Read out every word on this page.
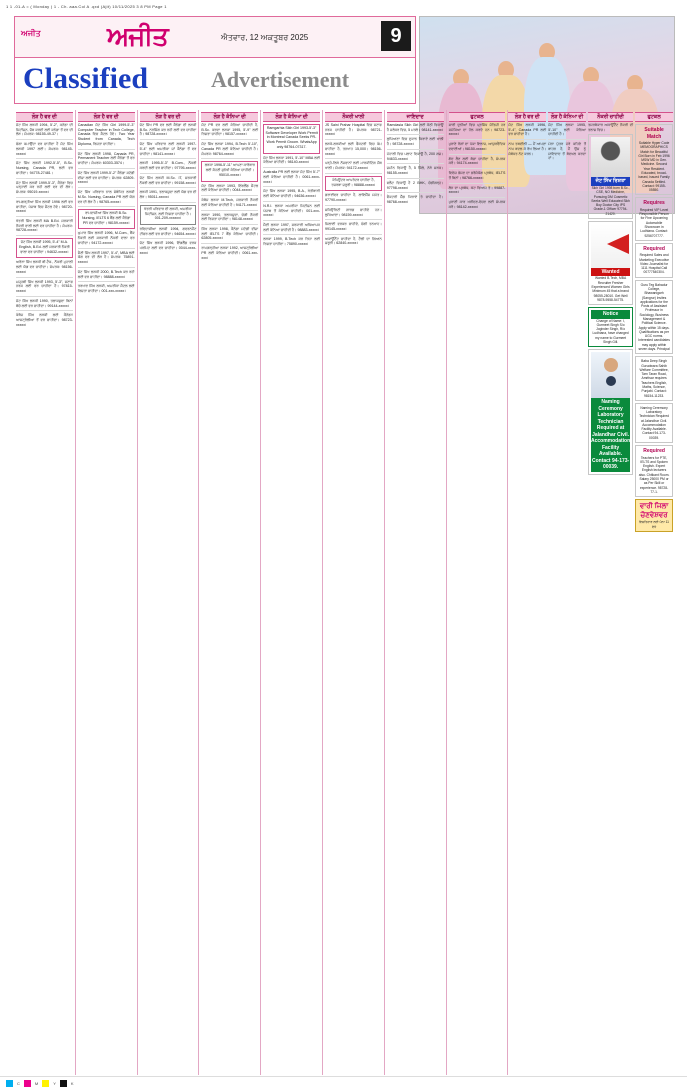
1 1 -01-A = ( Monday ) 1 - Ch. aaa.Col A .qxd (Ajit) 10/11/2025 3 8 PM Page 1
ਅਜੀਤ	ਅਜੀਤ	ਐਤਵਾਰ, 12 ਅਕਤੂਬਰ 2025	9
Classified	Advertisement
ਲੋੜ ਹੈ ਵਰ ਦੀ
ਜੱਟ ਸਿੱਖ ਲੜਕੀ 1994, 5'-2", ਕਨੇਡਾ ਦੀ ਸਿਟੀਜ਼ਨ, ਜੌਬ ਕਰਦੀ ਲਈ ਕਨੇਡਾ ਤੋਂ ਵਰ ਦੀ ਲੋੜ। ਸੰਪਰਕ: 98155-49-37।
ਚੰਗਾ ਕਮਾਉਂਦਾ ਵਰ ਚਾਹੀਦਾ ਹੈ ਜੱਟ ਸਿੱਖ ਲੜਕੀ 1997 ਲਈ। ਸੰਪਰਕ: 98145-xxxxx।
ਜੱਟ ਸਿੱਖ ਲੜਕੀ 1992-5'-5", B.Sc. Nursing, Canada PR, ਲਈ ਵਰ ਚਾਹੀਦਾ। 94778-27481।
ਜੱਟ ਸਿੱਖ ਲੜਕੀ 1999-5'-3", ਕੈਨੇਡਾ ਵਿਚ ਪੜ੍ਹਾਈ ਕਰ ਰਹੀ ਲਈ ਵਰ ਦੀ ਲੋੜ। ਸੰਪਰਕ: 95019-xxxxx।
ਰਾਮਗੜ੍ਹੀਆ ਸਿੱਖ ਲੜਕੀ 1996 ਲਈ ਵਰ ਚਾਹੀਦਾ, ਪੰਜਾਬ ਵਿਚ ਸੈਟਲ ਹੋਵੇ। 98720-xxxxx।
ਖੱਤਰੀ ਸਿੱਖ ਲੜਕੀ MA B.Ed. ਸਰਕਾਰੀ ਨੌਕਰੀ ਵਾਲੀ ਲਈ ਵਰ ਚਾਹੀਦਾ ਹੈ। ਸੰਪਰਕ: 98728-xxxxx।
ਜੱਟ ਸਿੱਖ ਲੜਕੀ 1995, 5'-4" M.A. English, B.Ed. ਲਈ ਸਰਕਾਰੀ ਨੌਕਰੀ ਵਾਲਾ ਵਰ ਚਾਹੀਦਾ। 94632-xxxxx।
ਅਰੋੜਾ ਸਿੱਖ ਲੜਕੀ ਬੀ.ਟੈਕ., ਨੌਕਰੀ ਮੁਹਾਲੀ ਲਈ ਯੋਗ ਵਰ ਚਾਹੀਦਾ। ਸੰਪਰਕ: 98156-xxxxx।
ਮਜ਼੍ਹਬੀ ਸਿੱਖ ਲੜਕੀ 1993, 5'-3", ਸਟਾਫ ਨਰਸ ਲਈ ਵਰ ਚਾਹੀਦਾ ਹੈ। 97815-xxxxx।
ਜੱਟ ਸਿੱਖ ਲੜਕੀ 1990, ਤਲਾਕਸ਼ੁਦਾ ਬਿਨਾਂ ਬੱਚੇ ਲਈ ਵਰ ਚਾਹੀਦਾ। 99144-xxxxx।
ਕੰਬੋਜ ਸਿੱਖ ਲੜਕੀ ਲਈ ਕੈਨੇਡਾ/ਆਸਟ੍ਰੇਲੀਆ ਤੋਂ ਵਰ ਚਾਹੀਦਾ। 98723-xxxxx।
ਲੋੜ ਹੈ ਵਰ ਦੀ
Canadian ਜੱਟ ਸਿੱਖ Girl 1999-5'-3" Computer Teacher in Tech College, Canada ਵਿਚ ਸੈਟਲ ਹੋਵੇ। Two Year Student from Canada, Tech Diploma, ਰਿਸ਼ਤਾ ਚਾਹੀਦਾ।
ਜੱਟ ਸਿੱਖ ਲੜਕੀ 1998, Canada PR, Permanent Teacher ਲਈ ਕੈਨੇਡਾ ਤੋਂ ਵਰ ਚਾਹੀਦਾ। ਸੰਪਰਕ: 60303-3574।
ਜੱਟ ਸਿੱਖ ਲੜਕੀ 1999-5'-2" ਕੈਨੇਡਾ ਸਟੱਡੀ ਵੀਜ਼ਾ ਲਈ ਵਰ ਚਾਹੀਦਾ। ਸੰਪਰਕ: 62809-xxxxx।
ਜੱਟ ਸਿੱਖ ਪਰਿਵਾਰ ਨਾਲ ਸੰਬੰਧਿਤ ਲੜਕੀ M.Sc. Nursing, Canada PR ਲਈ ਯੋਗ ਵਰ ਦੀ ਲੋੜ ਹੈ। 98765-xxxxx।
ਰਾਮਦਾਸੀਆ ਸਿੱਖ ਲੜਕੀ B.Sc. Nursing, IELTS 6 ਬੈਂਡ ਲਈ ਕੈਨੇਡਾ PR ਵਰ ਚਾਹੀਦਾ। 98159-xxxxx।
ਘੁਮਾਰ ਸਿੱਖ ਲੜਕੀ 1996, M.Com., ਬੈਂਕ ਨੌਕਰੀ ਲਈ ਸਰਕਾਰੀ ਨੌਕਰੀ ਵਾਲਾ ਵਰ ਚਾਹੀਦਾ। 94172-xxxxx।
ਸੈਣੀ ਸਿੱਖ ਲੜਕੀ 1997, 5'-4", MBA ਲਈ ਯੋਗ ਵਰ ਦੀ ਲੋੜ ਹੈ। ਸੰਪਰਕ: 75891-xxxxx।
ਜੱਟ ਸਿੱਖ ਲੜਕੀ 2000, B.Tech ਕਰ ਰਹੀ ਲਈ ਵਰ ਚਾਹੀਦਾ। 98888-xxxxx।
ਤਰਖਾਣ ਸਿੱਖ ਲੜਕੀ, ਅਮਰੀਕਾ ਸੈਟਲ ਲਈ ਰਿਸ਼ਤਾ ਚਾਹੀਦਾ। 001-xxx-xxxxx।
ਲੋੜ ਹੈ ਵਰ ਦੀ
ਜੱਟ ਸਿੱਖ PR ਵਰ ਲਈ ਕੈਨੇਡਾ ਦੀ ਲੜਕੀ B.Sc. ਨਰਸਿੰਗ ਕਰ ਰਹੀ ਲਈ ਵਰ ਚਾਹੀਦਾ ਹੈ। 98728-xxxxx।
ਜੱਟ ਸਿੱਖ ਪਰਿਵਾਰ ਲਈ ਲੜਕੀ 1997-5'-4" ਲਈ ਅਮਰੀਕਾ ਜਾਂ ਕੈਨੇਡਾ ਤੋਂ ਵਰ ਚਾਹੀਦਾ। 98141-xxxxx।
ਲੜਕੀ 1995-5'-3" B.Com., ਨੌਕਰੀ ਕਰਦੀ ਲਈ ਵਰ ਚਾਹੀਦਾ। 97795-xxxxx।
ਜੱਟ ਸਿੱਖ ਲੜਕੀ M.Sc. IT, ਸਰਕਾਰੀ ਨੌਕਰੀ ਲਈ ਵਰ ਚਾਹੀਦਾ। 99158-xxxxx।
ਲੜਕੀ 1991, ਤਲਾਕਸ਼ੁਦਾ ਲਈ ਯੋਗ ਵਰ ਦੀ ਲੋੜ। 95011-xxxxx।
ਖੱਤਰੀ ਪਰਿਵਾਰ ਦੀ ਲੜਕੀ, ਅਮਰੀਕਾ ਸਿਟੀਜ਼ਨ, ਲਈ ਰਿਸ਼ਤਾ ਚਾਹੀਦਾ ਹੈ। 001-209-xxxxxx।
ਰਵਿਦਾਸੀਆ ਲੜਕੀ 1994, ਗਵਰਨਮੈਂਟ ਟੀਚਰ ਲਈ ਵਰ ਚਾਹੀਦਾ। 94654-xxxxx।
ਜੱਟ ਸਿੱਖ ਲੜਕੀ 1996, ਇੰਗਲੈਂਡ ਵਰਕ ਪਰਮਿਟ ਲਈ ਵਰ ਚਾਹੀਦਾ। 0044-xxxx-xxxx।
ਲੋੜ ਹੈ ਕੰਨਿਆ ਦੀ
ਜੱਟ PR ਵਰ ਲਈ ਕੰਨਿਆ ਚਾਹੀਦੀ ਹੈ, B.Sc. ਕਰਦਾ ਲੜਕਾ 1995, 5'-9" ਲਈ ਰਿਸ਼ਤਾ ਚਾਹੀਦਾ। 98157-xxxxx।
ਜੱਟ ਸਿੱਖ ਲੜਕਾ 1994, B.Tech 5'-10", Canada PR ਲਈ ਕੰਨਿਆ ਚਾਹੀਦੀ ਹੈ। ਸੰਪਰਕ: 98764-xxxxx।
ਲੜਕਾ 1996-5'-11" ਆਪਣਾ ਕਾਰੋਬਾਰ ਲਈ ਸੋਹਣੀ ਸੁਨੱਖੀ ਕੰਨਿਆ ਚਾਹੀਦੀ। 95010-xxxxx।
ਜੱਟ ਸਿੱਖ ਲੜਕਾ 1993, ਇੰਗਲੈਂਡ ਸੈਟਲ ਲਈ ਕੰਨਿਆ ਚਾਹੀਦੀ। 0044-xxxxx।
ਕੰਬੋਜ ਲੜਕਾ M.Tech, ਸਰਕਾਰੀ ਨੌਕਰੀ ਲਈ ਕੰਨਿਆ ਚਾਹੀਦੀ ਹੈ। 94171-xxxxx।
ਲੜਕਾ 1990, ਤਲਾਕਸ਼ੁਦਾ, ਚੰਗੀ ਨੌਕਰੀ ਲਈ ਰਿਸ਼ਤਾ ਚਾਹੀਦਾ। 98148-xxxxx।
ਸਿੱਖ ਲੜਕਾ 1998, ਕੈਨੇਡਾ ਸਟੱਡੀ ਵੀਜ਼ਾ ਲਈ IELTS 7 ਬੈਂਡ ਕੰਨਿਆ ਚਾਹੀਦੀ। 62805-xxxxx।
ਰਾਮਗੜ੍ਹੀਆ ਲੜਕਾ 1992, ਆਸਟ੍ਰੇਲੀਆ PR ਲਈ ਕੰਨਿਆ ਚਾਹੀਦੀ। 0061-xxx-xxx।
ਲੋੜ ਹੈ ਕੰਨਿਆ ਦੀ
Ramgarhia Sikh Girl 1993-5'-3" Software Developer Work Permit in Montreal Canada Seeks PR-Work Permit Groom. WhatsApp only 98764-07317.
ਜੱਟ ਸਿੱਖ ਲੜਕਾ 1991, 5'-10" MBA ਲਈ ਕੰਨਿਆ ਚਾਹੀਦੀ। 98140-xxxxx।
Australia PR ਲਈ ਲੜਕਾ ਜੱਟ ਸਿੱਖ 5'-7" ਲਈ ਕੰਨਿਆ ਚਾਹੀਦੀ ਹੈ। 0061-xxxx-xxxx।
ਜੱਟ ਸਿੱਖ ਲੜਕਾ 1995, B.A., ਖੇਤੀਬਾੜੀ ਲਈ ਕੰਨਿਆ ਚਾਹੀਦੀ। 94636-xxxxx।
N.R.I. ਲੜਕਾ ਅਮਰੀਕਾ ਸਿਟੀਜ਼ਨ ਲਈ ਪੰਜਾਬ ਤੋਂ ਕੰਨਿਆ ਚਾਹੀਦੀ। 001-xxx-xxxxx।
ਸੈਣੀ ਲੜਕਾ 1997, ਸਰਕਾਰੀ ਅਧਿਆਪਕ ਲਈ ਕੰਨਿਆ ਚਾਹੀਦੀ ਹੈ। 98883-xxxxx।
ਲੜਕਾ 1999, B.Tech ਕਰ ਰਿਹਾ ਲਈ ਰਿਸ਼ਤਾ ਚਾਹੀਦਾ। 75890-xxxxx।
ਨੌਕਰੀ ਖਾਲੀ
JS Saini Prahar Hospital ਵਿਚ ਸਟਾਫ ਨਰਸ ਚਾਹੀਦੀ ਹੈ। ਸੰਪਰਕ: 98721-xxxxx।
ਲੜਕੇ-ਲੜਕੀਆਂ ਲਈ ਫੈਕਟਰੀ ਵਿਚ ਕੰਮ ਚਾਹੀਦਾ ਹੈ, ਤਨਖਾਹ 15,000। 98156-xxxxx।
ਪੜ੍ਹੇ-ਲਿਖੇ ਨੌਜਵਾਨਾਂ ਲਈ ਮਾਰਕੀਟਿੰਗ ਜੌਬ ਖਾਲੀ। ਸੰਪਰਕ: 94172-xxxxx।
ਕੰਪਿਊਟਰ ਆਪਰੇਟਰ ਚਾਹੀਦਾ ਹੈ, ਤਜਰਬਾ ਜ਼ਰੂਰੀ। 98888-xxxxx।
ਡਰਾਈਵਰ ਚਾਹੀਦਾ ਹੈ, ਲਾਇਸੈਂਸ ਸਮੇਤ। 97790-xxxxx।
ਸਕਿਉਰਿਟੀ ਗਾਰਡ ਚਾਹੀਦੇ ਹਨ। ਲੁਧਿਆਣਾ। 98159-xxxxx।
ਸਿਲਾਈ ਵਰਕਰ ਚਾਹੀਦੇ, ਚੰਗੀ ਤਨਖਾਹ। 99145-xxxxx।
ਅਕਾਊਂਟੈਂਟ ਚਾਹੀਦਾ ਹੈ, ਟੈਲੀ ਦਾ ਗਿਆਨ ਜ਼ਰੂਰੀ। 62840-xxxxx।
ਜਾਇਦਾਦ
Ramdasia Sikh Girl ਲਈ ਕੋਠੀ ਵਿਕਾਊ ਹੈ ਜਲੰਧਰ ਵਿਚ, 5 ਮਰਲੇ। 98141-xxxxx।
ਲੁਧਿਆਣਾ ਵਿਚ ਦੁਕਾਨ ਕਿਰਾਏ ਲਈ ਖਾਲੀ ਹੈ। 98728-xxxxx।
ਮੋਹਾਲੀ ਵਿਚ ਪਲਾਟ ਵਿਕਾਊ ਹੈ, 200 ਗਜ਼। 94633-xxxxx।
ਜ਼ਮੀਨ ਵਿਕਾਊ ਹੈ, 5 ਕਿੱਲੇ, ਨੇੜੇ ਸੜਕ। 98155-xxxxx।
ਫਲੈਟ ਵਿਕਾਊ ਹੈ 2 BHK, ਚੰਡੀਗੜ੍ਹ। 97798-xxxxx।
ਫੈਕਟਰੀ ਸ਼ੈੱਡ ਕਿਰਾਏ ਤੇ ਚਾਹੀਦਾ ਹੈ। 98768-xxxxx।
ਫੁਟਕਲ
ਸਾਰੀ ਦੁਨੀਆਂ ਵਿਚ ਪ੍ਰਸਿੱਧ ਜੋਤਿਸ਼ੀ ਹਰ ਸਮੱਸਿਆ ਦਾ ਹੱਲ ਕਰਦੇ ਹਨ। 98723-xxxxx।
ਪੁਰਾਣੇ ਰੋਗਾਂ ਦਾ ਪੱਕਾ ਇਲਾਜ, ਆਯੁਰਵੈਦਿਕ ਦਵਾਈਆਂ। 98150-xxxxx।
ਗੋਦ ਲੈਣ ਲਈ ਬੱਚਾ ਚਾਹੀਦਾ ਹੈ, ਸੰਪਰਕ ਕਰੋ। 94174-xxxxx।
ਵਿਦੇਸ਼ ਭੇਜਣ ਦਾ ਭਰੋਸੇਯੋਗ ਪ੍ਰਬੰਧ, IELTS ਤੋਂ ਬਿਨਾਂ। 98766-xxxxx।
ਲੋਨ ਦਾ ਪ੍ਰਬੰਧ, ਘੱਟ ਵਿਆਜ ਤੇ। 99887-xxxxx।
ਪੁਰਾਣੀ ਕਾਰ ਖਰੀਦਣ-ਵੇਚਣ ਲਈ ਸੰਪਰਕ ਕਰੋ। 98142-xxxxx।
ਲੋੜ ਹੈ ਵਰ ਦੀ
ਜੱਟ ਸਿੱਖ ਲੜਕੀ 1996, 5'-4", Canada PR ਲਈ ਵਰ ਚਾਹੀਦਾ ਹੈ।
ਨਾਮ ਤਬਦੀਲੀ — ਮੈਂ ਆਪਣਾ ਨਾਮ ਬਦਲ ਕੇ ਰੱਖ ਲਿਆ ਹੈ। ਸੰਬੰਧਤ ਨੋਟ ਕਰਨ।
ਲੋੜ ਹੈ ਕੰਨਿਆ ਦੀ
ਜੱਟ ਸਿੱਖ ਲੜਕਾ 1995, 5'-10" ਲਈ ਕੰਨਿਆ ਚਾਹੀਦੀ ਹੈ।
ਮੇਰਾ ਪੁੱਤਰ ਮੇਰੇ ਕਹਿਣੇ ਤੋਂ ਬਾਹਰ ਹੈ, ਮੈਂ ਉਸ ਨੂੰ ਜਾਇਦਾਦ ਤੋਂ ਬੇਦਖਲ ਕਰਦਾ ਹਾਂ।
ਨੌਕਰੀ ਚਾਹੀਦੀ
ਤਜਰਬੇਕਾਰ ਅਕਾਊਂਟੈਂਟ ਨੌਕਰੀ ਦੀ ਤਲਾਸ਼ ਵਿਚ।
ਜੱਟ ਸਿੱਖ ਰਿਸ਼ਤਾ
Sikh Girl 1998 born B.Sc., CSE, NO Medicine, Pursuing DM Cosmetic Seeks Well Educated Sikh Boy Doctor City IPS Grade-1 Officer 97794-21420.
Wanted
Wanted B.Tech, MBA Recruiter Fresher Experienced Women Girls Minimum 45 that a brand 98055-28010. Get Well 9878-9558-54775.
Notice
Change of Name: I, Gurmeet Singh S/o Joginder Singh, R/o Ludhiana, have changed my name to Gurmeet Singh Gill.
Naming Ceremony Laboratory Technician Required at Jalandhar Civil. Accommodation Facility Available. Contact 94-173-00039.
ਫੁਟਕਲ
Suitable Match
Suitable Hyper Code MEMOGRAPHICS Match for Beautiful Girl Born in Feb 1996 MSW MD in Gen. Medicine. Second Year Resident. Educated, broad-based, Issued Family Canada Settled. Contact: 99155-05550.
Requires
Required VIP Level Responsible Person for Fine Upcoming Automobile Showroom in Ludhiana. Contact: 9256707777.
Required
Required Sales and Marketing Executive Video Journalist for 1111 Hospital Call 00777540304.
Guru Teg Bahadur College, Bhawanigarh (Sangrur) Invites applications for the Posts of Assistant Professor in Sociology, Business Management & Political Science. Apply within 15 days. Qualifications as per UGC norms. Interested candidates may apply within seven days. Principal
Baba Deep Singh Gurudwara Sahib Welfare Committee, Tarn Taran Road, Amritsar requires Teachers English, Maths, Science, Punjabi. Contact: 98154-11233.
Naming Ceremony Laboratory Technician Required at Jalandhar Civil. Accommodation Facility Available. Contact 94-173-00039.
Required
Teachers for PTE, IELTS and Spoken English. Expert English lecturers also. Chitkant Room. Salary 25000 PM or as Per Skill or experience. 98728-77-1.
ਵਾਰੀ ਜਿਲਾ ਚੋਣਵੇਸ਼ਵਰ
ਇਸ਼ਤਿਹਾਰ ਲਈ ਪੰਨਾ 11 ਵੇਖੋ
C	M	Y	K
